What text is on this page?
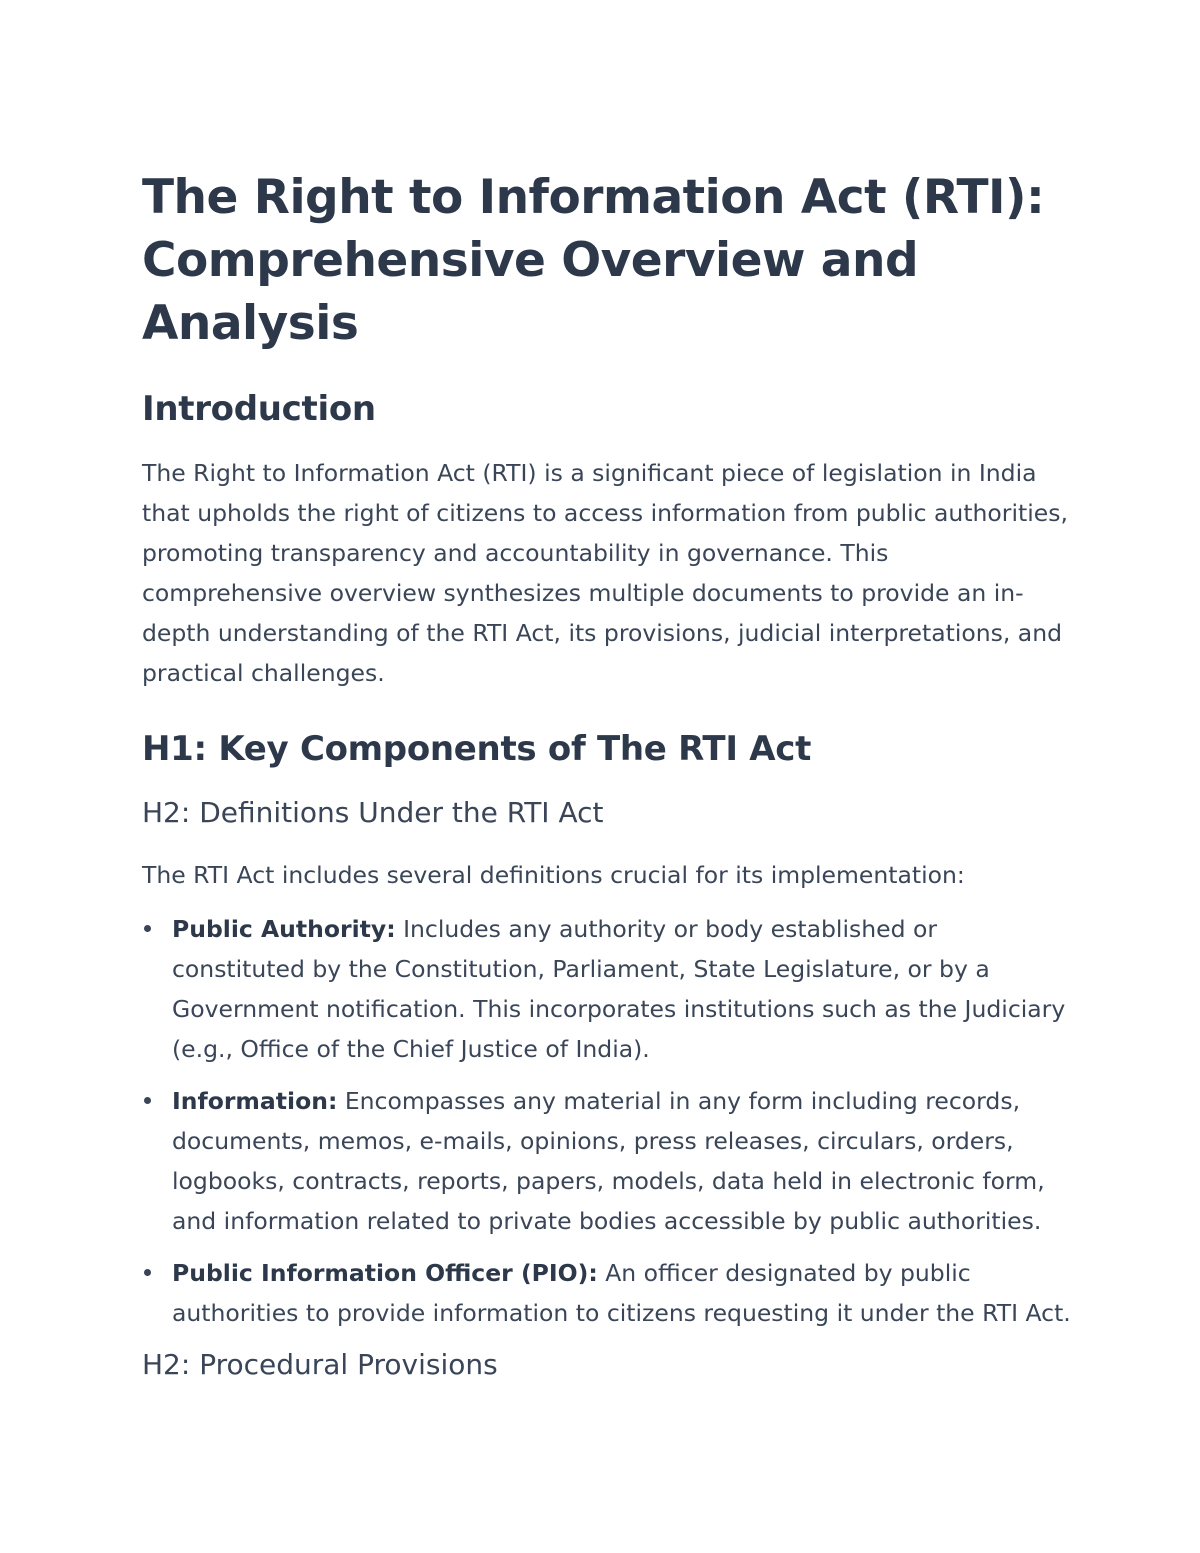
The Right to Information Act (RTI):
Comprehensive Overview and Analysis
Introduction

The Right to Information Act (RTI) is a significant piece of legislation in India that upholds the right of citizens to access information from public authorities, promoting transparency and accountability in governance. This comprehensive overview synthesizes multiple documents to provide an in-depth understanding of the RTI Act, its provisions, judicial interpretations, and practical challenges.

H1: Key Components of The RTI Act
H2: Definitions Under the RTI Act

The RTI Act includes several definitions crucial for its implementation:

Public Authority: Includes any authority or body established or constituted by the Constitution, Parliament, State Legislature, or by a Government notification. This incorporates institutions such as the Judiciary (e.g., Office of the Chief Justice of India).
Information: Encompasses any material in any form including records, documents, memos, e-mails, opinions, press releases, circulars, orders, logbooks, contracts, reports, papers, models, data held in electronic form, and information related to private bodies accessible by public authorities.
Public Information Officer (PIO): An officer designated by public authorities to provide information to citizens requesting it under the RTI Act.
H2: Procedural Provisions
